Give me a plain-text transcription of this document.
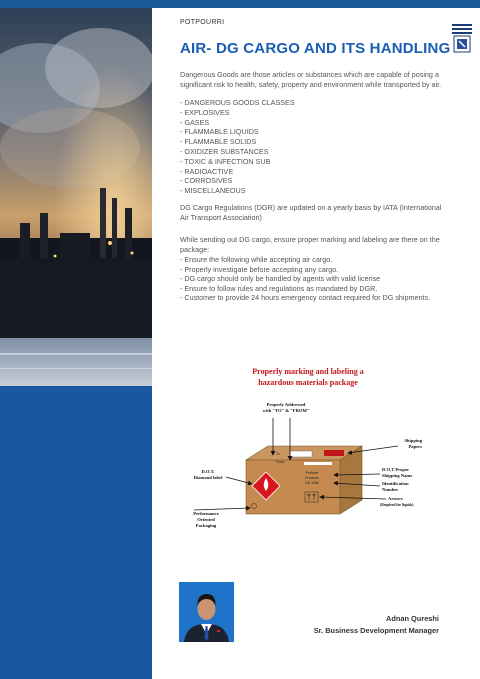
POTPOURRI
AIR- DG CARGO AND ITS HANDLING
Dangerous Goods are those articles or substances which are capable of posing a significant risk to health, safety, property and environment while transported by air.
- DANGEROUS GOODS CLASSES
- EXPLOSIVES
- GASES
- FLAMMABLE LIQUIDS
- FLAMMABLE SOLIDS
- OXIDIZER SUBSTANCES
- TOXIC & INFECTION SUB
- RADIOACTIVE
- CORROSIVES
- MISCELLANEOUS
DG Cargo Regulations (DGR) are updated on a yearly basis by IATA (International Air Transport Association)
While sending out DG cargo, ensure proper marking and labeling are there on the package:
- Ensure the following while accepting air cargo.
- Properly investigate before accepting any cargo.
- DG cargo should only be handled by agents with valid license
- Ensure to follow rules and regulations as mandated by DGR.
- Customer to provide 24 hours emergency contact required for DG shipments.
Properly marking and labeling a
hazardous materials package
Properly Addressed
with "TO" & "FROM"
To:
From:
Perfume
Products
UN 1266
Shipping
Papers
D.O.T Proper
Shipping Name
Identification
Number
Arrows
(Required for liquids)
D.O.T.
Diamond label
Performance
Oriented
Packaging
Adnan Qureshi
Sr. Business Development Manager
